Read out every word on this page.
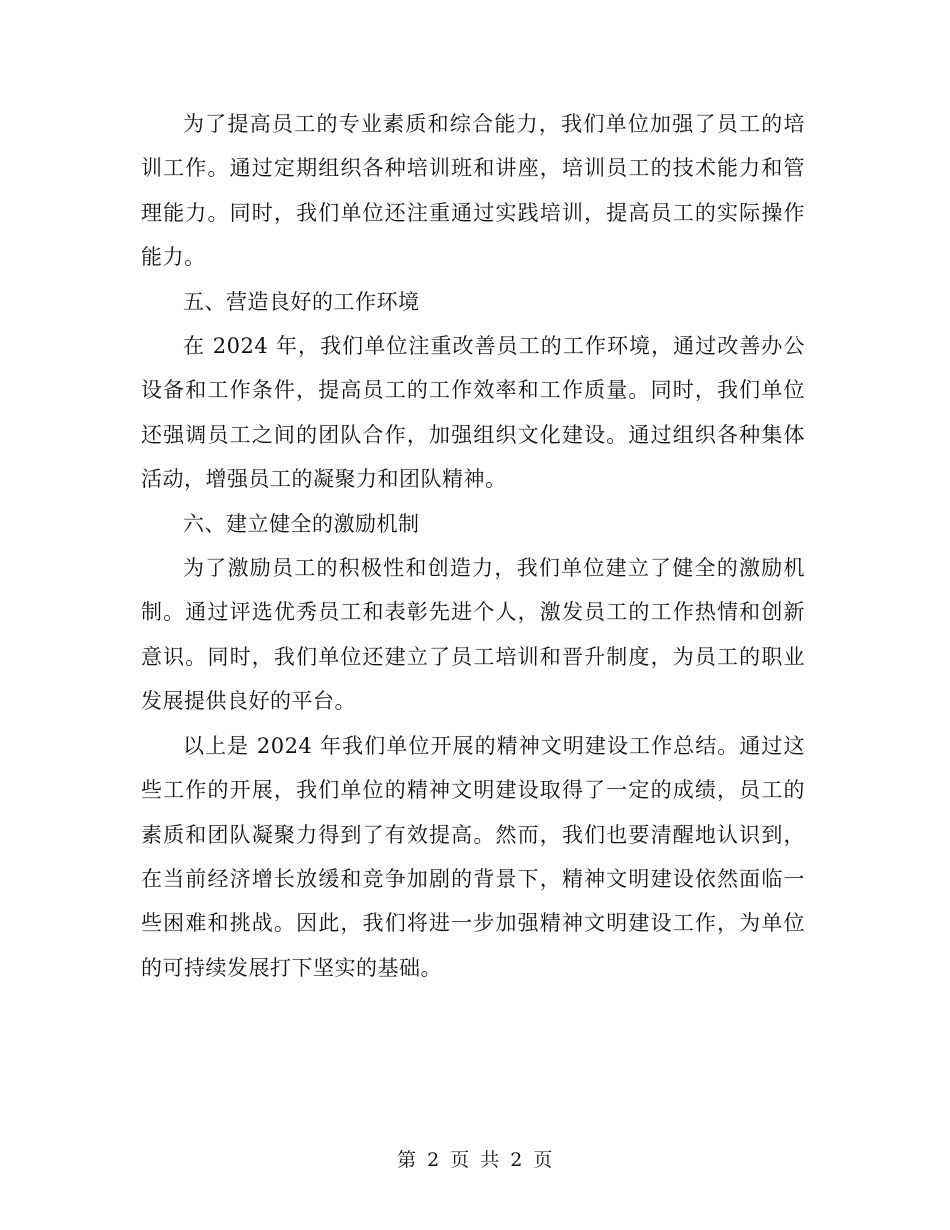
为了提高员工的专业素质和综合能力，我们单位加强了员工的培训工作。通过定期组织各种培训班和讲座，培训员工的技术能力和管理能力。同时，我们单位还注重通过实践培训，提高员工的实际操作能力。

五、营造良好的工作环境

在 2024 年，我们单位注重改善员工的工作环境，通过改善办公设备和工作条件，提高员工的工作效率和工作质量。同时，我们单位还强调员工之间的团队合作，加强组织文化建设。通过组织各种集体活动，增强员工的凝聚力和团队精神。

六、建立健全的激励机制

为了激励员工的积极性和创造力，我们单位建立了健全的激励机制。通过评选优秀员工和表彰先进个人，激发员工的工作热情和创新意识。同时，我们单位还建立了员工培训和晋升制度，为员工的职业发展提供良好的平台。

以上是 2024 年我们单位开展的精神文明建设工作总结。通过这些工作的开展，我们单位的精神文明建设取得了一定的成绩，员工的素质和团队凝聚力得到了有效提高。然而，我们也要清醒地认识到，在当前经济增长放缓和竞争加剧的背景下，精神文明建设依然面临一些困难和挑战。因此，我们将进一步加强精神文明建设工作，为单位的可持续发展打下坚实的基础。

第 2 页 共 2 页
